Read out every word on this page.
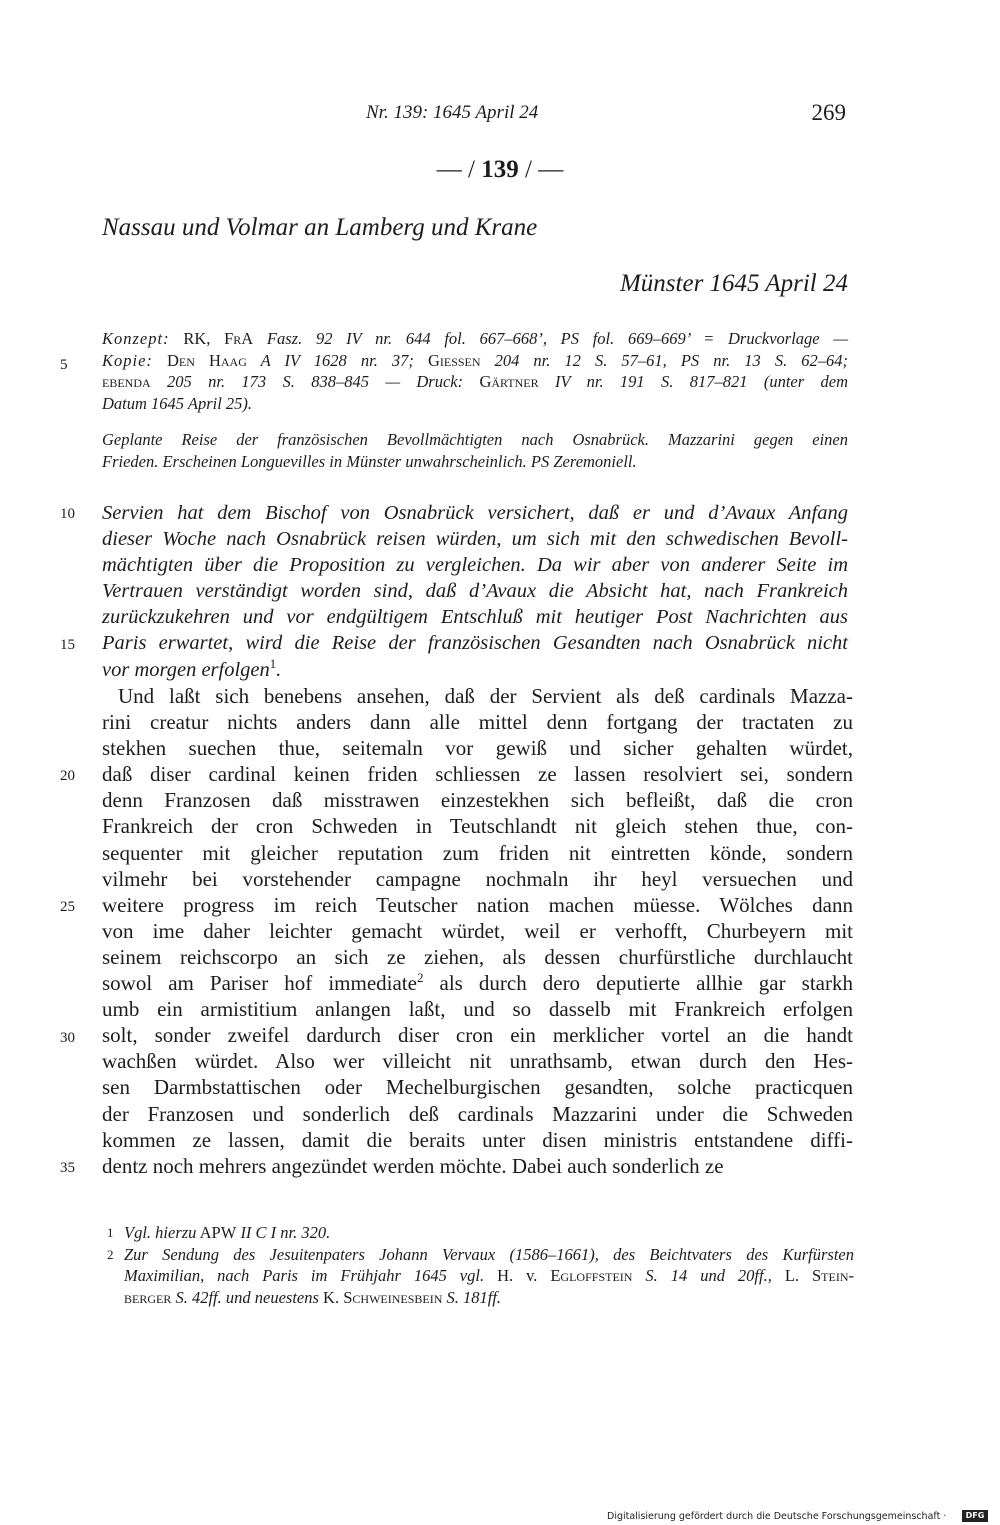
Nr. 139: 1645 April 24	269
— / 139 / —
Nassau und Volmar an Lamberg und Krane
Münster 1645 April 24
Konzept: RK, FrA Fasz. 92 IV nr. 644 fol. 667–668’, PS fol. 669–669’ = Druckvorlage —
Kopie: Den Haag A IV 1628 nr. 37; Giessen 204 nr. 12 S. 57–61, PS nr. 13 S. 62–64;
ebenda 205 nr. 173 S. 838–845 — Druck: Gärtner IV nr. 191 S. 817–821 (unter dem
Datum 1645 April 25).
Geplante Reise der französischen Bevollmächtigten nach Osnabrück. Mazzarini gegen einen
Frieden. Erscheinen Longuevilles in Münster unwahrscheinlich. PS Zeremoniell.
Servien hat dem Bischof von Osnabrück versichert, daß er und d’Avaux Anfang
dieser Woche nach Osnabrück reisen würden, um sich mit den schwedischen Bevoll-
mächtigten über die Proposition zu vergleichen. Da wir aber von anderer Seite im
Vertrauen verständigt worden sind, daß d’Avaux die Absicht hat, nach Frankreich
zurückzukehren und vor endgültigem Entschluß mit heutiger Post Nachrichten aus
Paris erwartet, wird die Reise der französischen Gesandten nach Osnabrück nicht
vor morgen erfolgen$^1$.
Und laßt sich benebens ansehen, daß der Servient als deß cardinals Mazza-
rini creatur nichts anders dann alle mittel denn fortgang der tractaten zu
stekhen suechen thue, seitemaln vor gewiß und sicher gehalten würdet,
daß diser cardinal keinen friden schliessen ze lassen resolviert sei, sondern
denn Franzosen daß misstrawen einzestekhen sich befleißt, daß die cron
Frankreich der cron Schweden in Teutschlandt nit gleich stehen thue, con-
sequenter mit gleicher reputation zum friden nit eintretten könde, sondern
vilmehr bei vorstehender campagne nochmaln ihr heyl versuechen und
weitere progress im reich Teutscher nation machen müesse. Wölches dann
von ime daher leichter gemacht würdet, weil er verhofft, Churbeyern mit
seinem reichscorpo an sich ze ziehen, als dessen churfürstliche durchlaucht
sowol am Pariser hof immediate$^2$ als durch dero deputierte allhie gar starkh
umb ein armistitium anlangen laßt, und so dasselb mit Frankreich erfolgen
solt, sonder zweifel dardurch diser cron ein merklicher vortel an die handt
wachßen würdet. Also wer villeicht nit unrathsamb, etwan durch den Hes-
sen Darmbstattischen oder Mechelburgischen gesandten, solche practicquen
der Franzosen und sonderlich deß cardinals Mazzarini under die Schweden
kommen ze lassen, damit die beraits unter disen ministris entstandene diffi-
dentz noch mehrers angezündet werden möchte. Dabei auch sonderlich ze
5
10
15
20
25
30
35
1 Vgl. hierzu APW II C I nr. 320.
2 Zur Sendung des Jesuitenpaters Johann Vervaux (1586–1661), des Beichtvaters des Kurfürsten
Maximilian, nach Paris im Frühjahr 1645 vgl. H. v. Egloffstein S. 14 und 20ff., L. Stein-
berger S. 42ff. und neuestens K. Schweinesbein S. 181ff.
Digitalisierung gefördert durch die Deutsche Forschungsgemeinschaft ·	DFG
